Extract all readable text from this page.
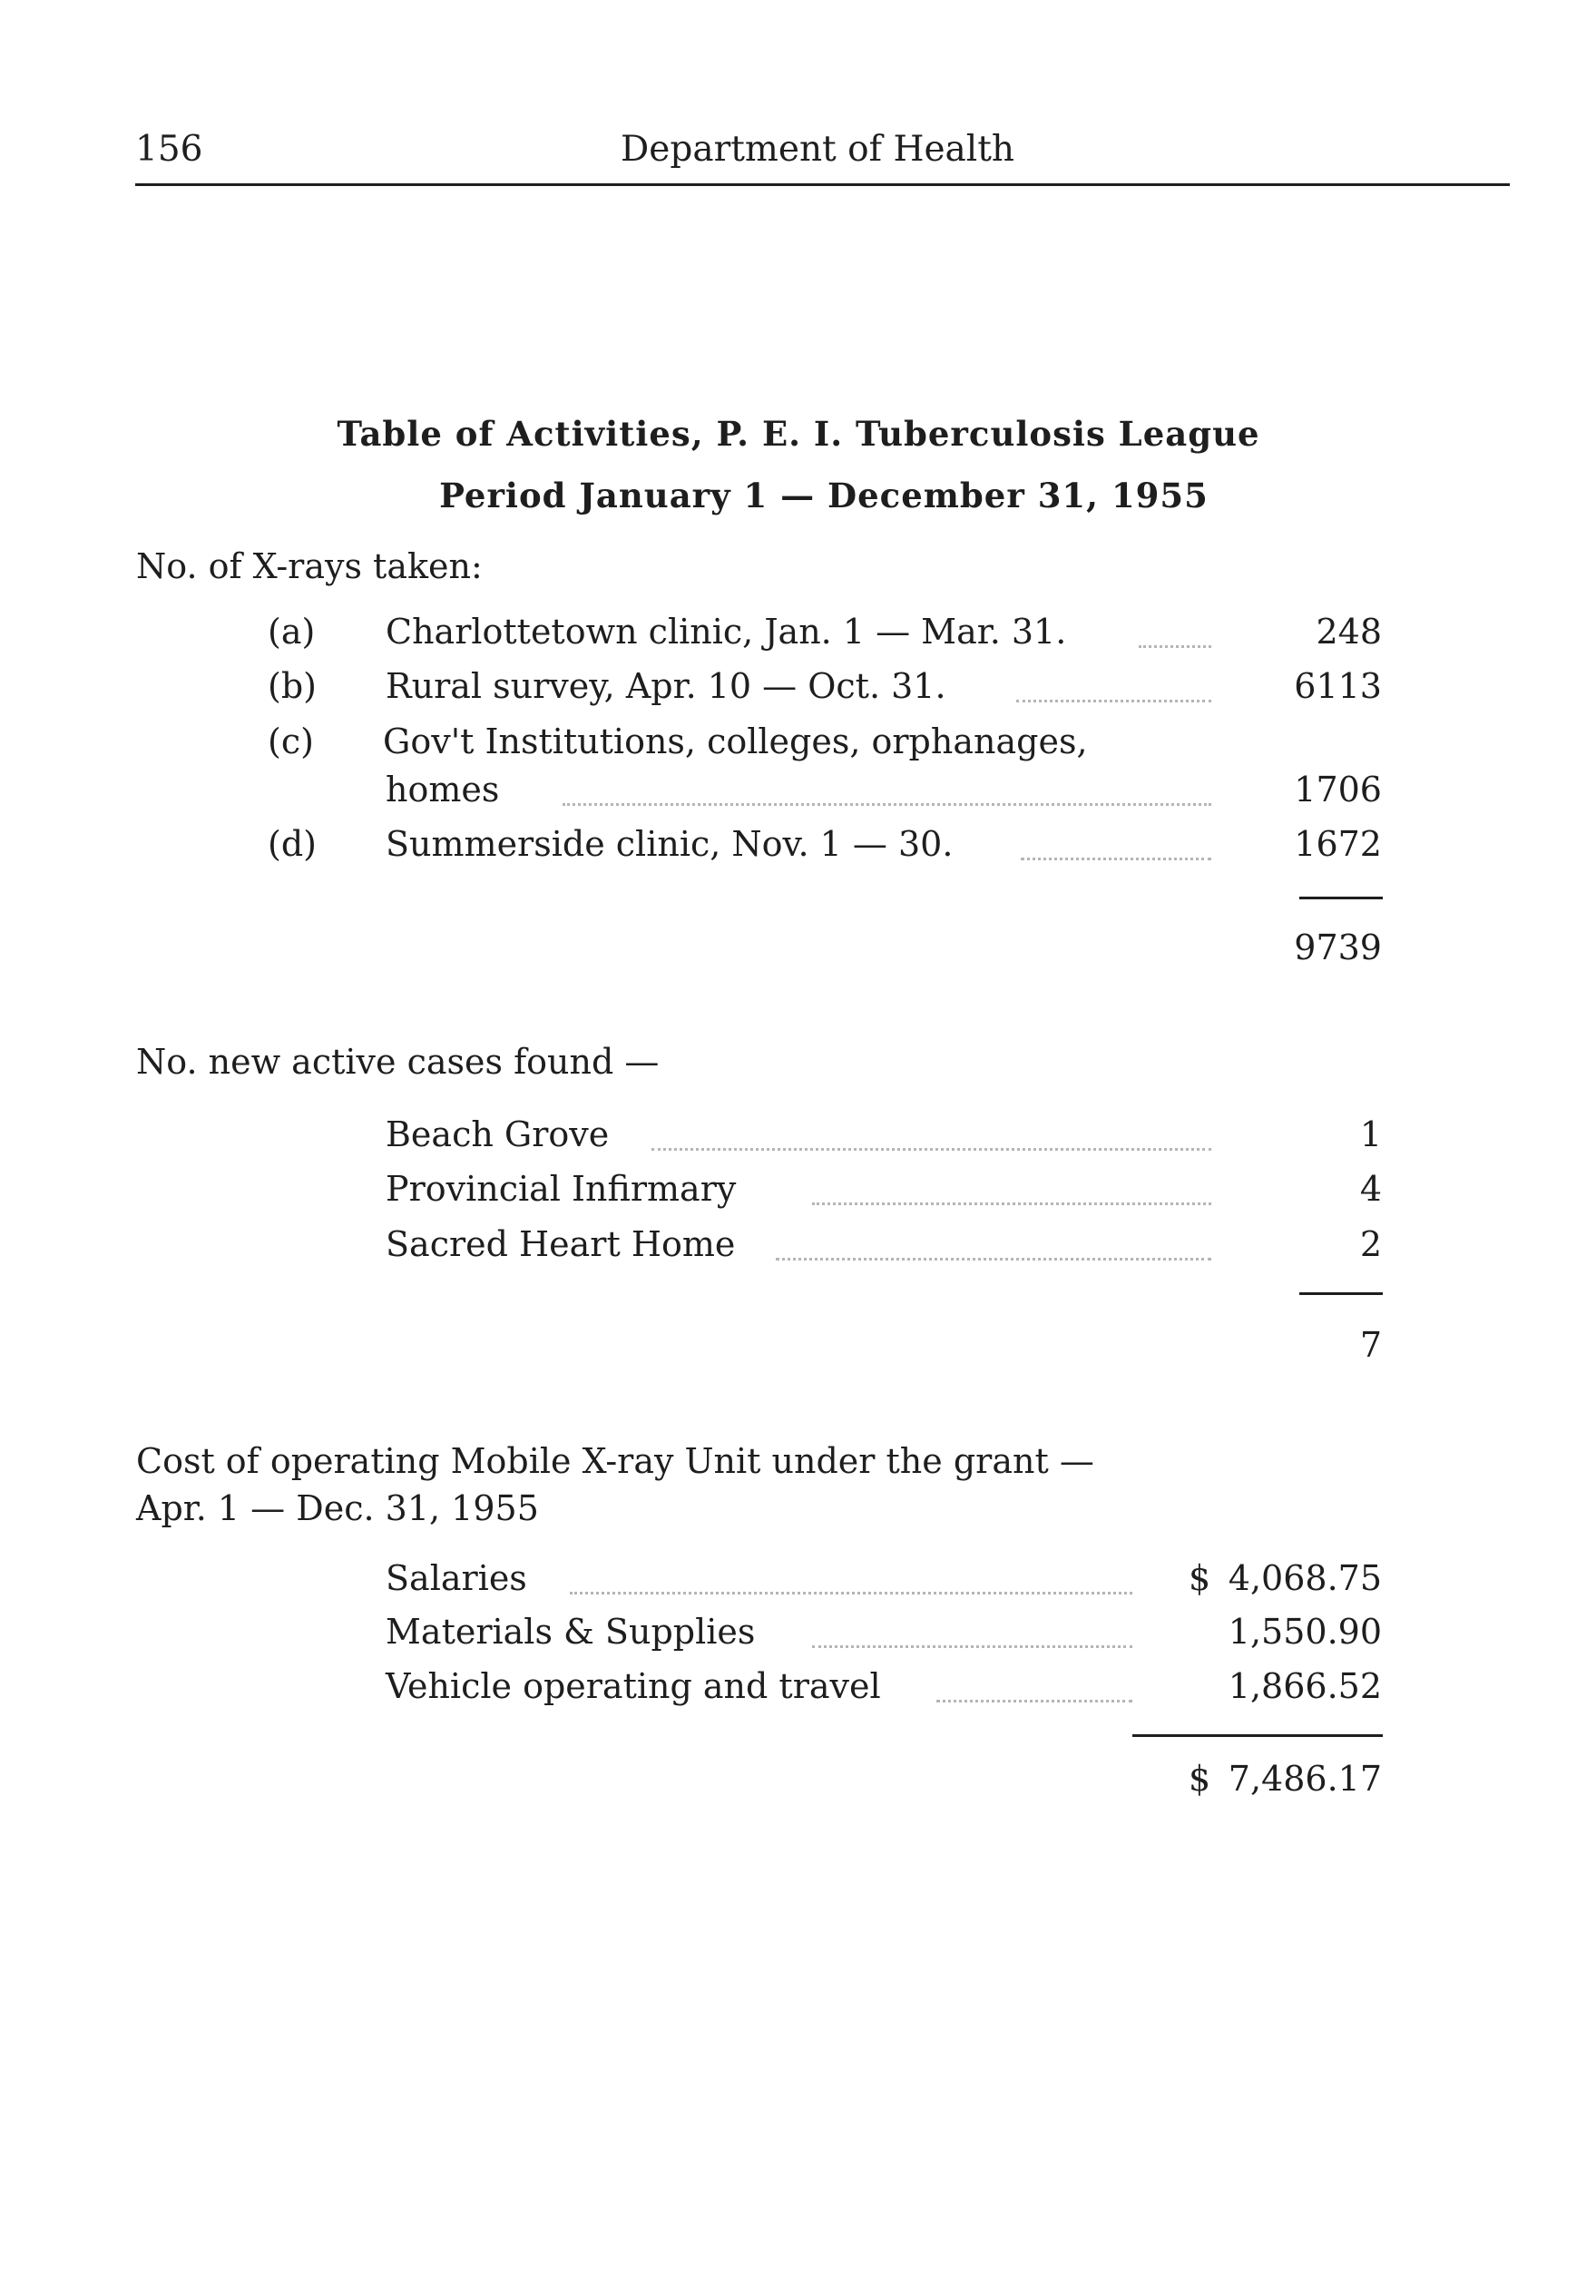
156	Department of Health
Table of Activities, P. E. I. Tuberculosis League
Period January 1 — December 31, 1955
No. of X-rays taken:
(a) Charlottetown clinic, Jan. 1 — Mar. 31.	248
(b) Rural survey, Apr. 10 — Oct. 31.	6113
(c) Gov't Institutions, colleges, orphanages,
homes	1706
(d) Summerside clinic, Nov. 1 — 30.	1672
9739
No. new active cases found —
Beach Grove	1
Provincial Infirmary	4
Sacred Heart Home	2
7
Cost of operating Mobile X-ray Unit under the grant —
Apr. 1 — Dec. 31, 1955
Salaries	$ 4,068.75
Materials & Supplies	1,550.90
Vehicle operating and travel	1,866.52
$ 7,486.17
